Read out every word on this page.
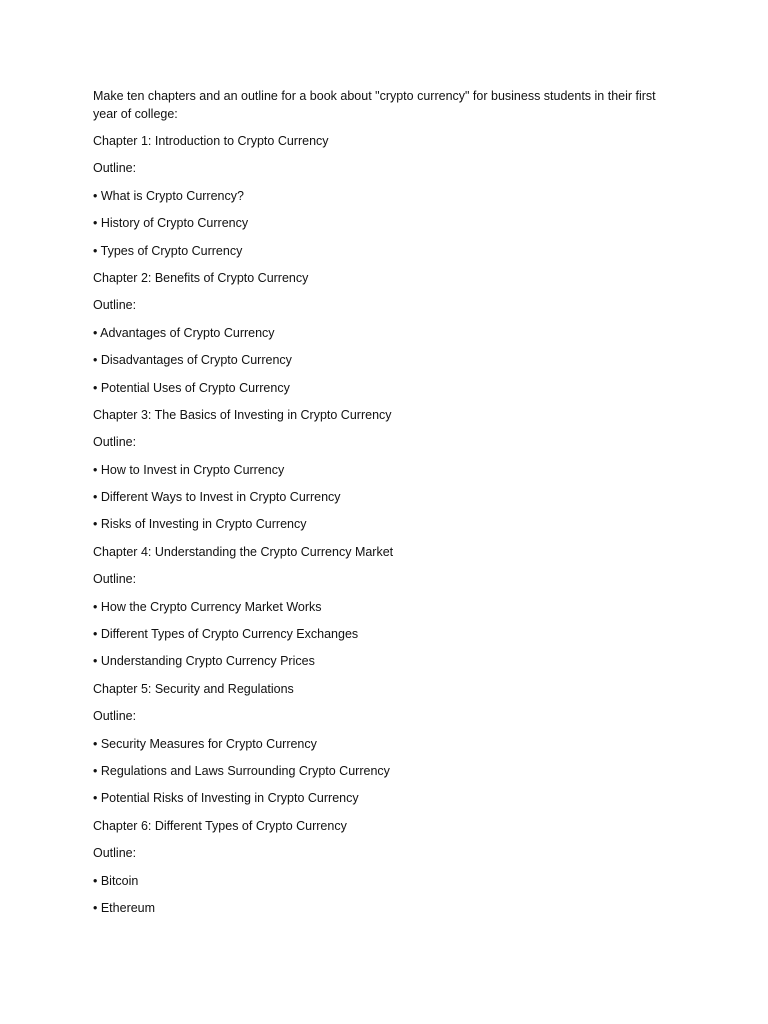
Make ten chapters and an outline for a book about "crypto currency" for business students in their first year of college:

Chapter 1: Introduction to Crypto Currency
Outline:
• What is Crypto Currency?
• History of Crypto Currency
• Types of Crypto Currency
Chapter 2: Benefits of Crypto Currency
Outline:
• Advantages of Crypto Currency
• Disadvantages of Crypto Currency
• Potential Uses of Crypto Currency
Chapter 3: The Basics of Investing in Crypto Currency
Outline:
• How to Invest in Crypto Currency
• Different Ways to Invest in Crypto Currency
• Risks of Investing in Crypto Currency
Chapter 4: Understanding the Crypto Currency Market
Outline:
• How the Crypto Currency Market Works
• Different Types of Crypto Currency Exchanges
• Understanding Crypto Currency Prices
Chapter 5: Security and Regulations
Outline:
• Security Measures for Crypto Currency
• Regulations and Laws Surrounding Crypto Currency
• Potential Risks of Investing in Crypto Currency
Chapter 6: Different Types of Crypto Currency
Outline:
• Bitcoin
• Ethereum
